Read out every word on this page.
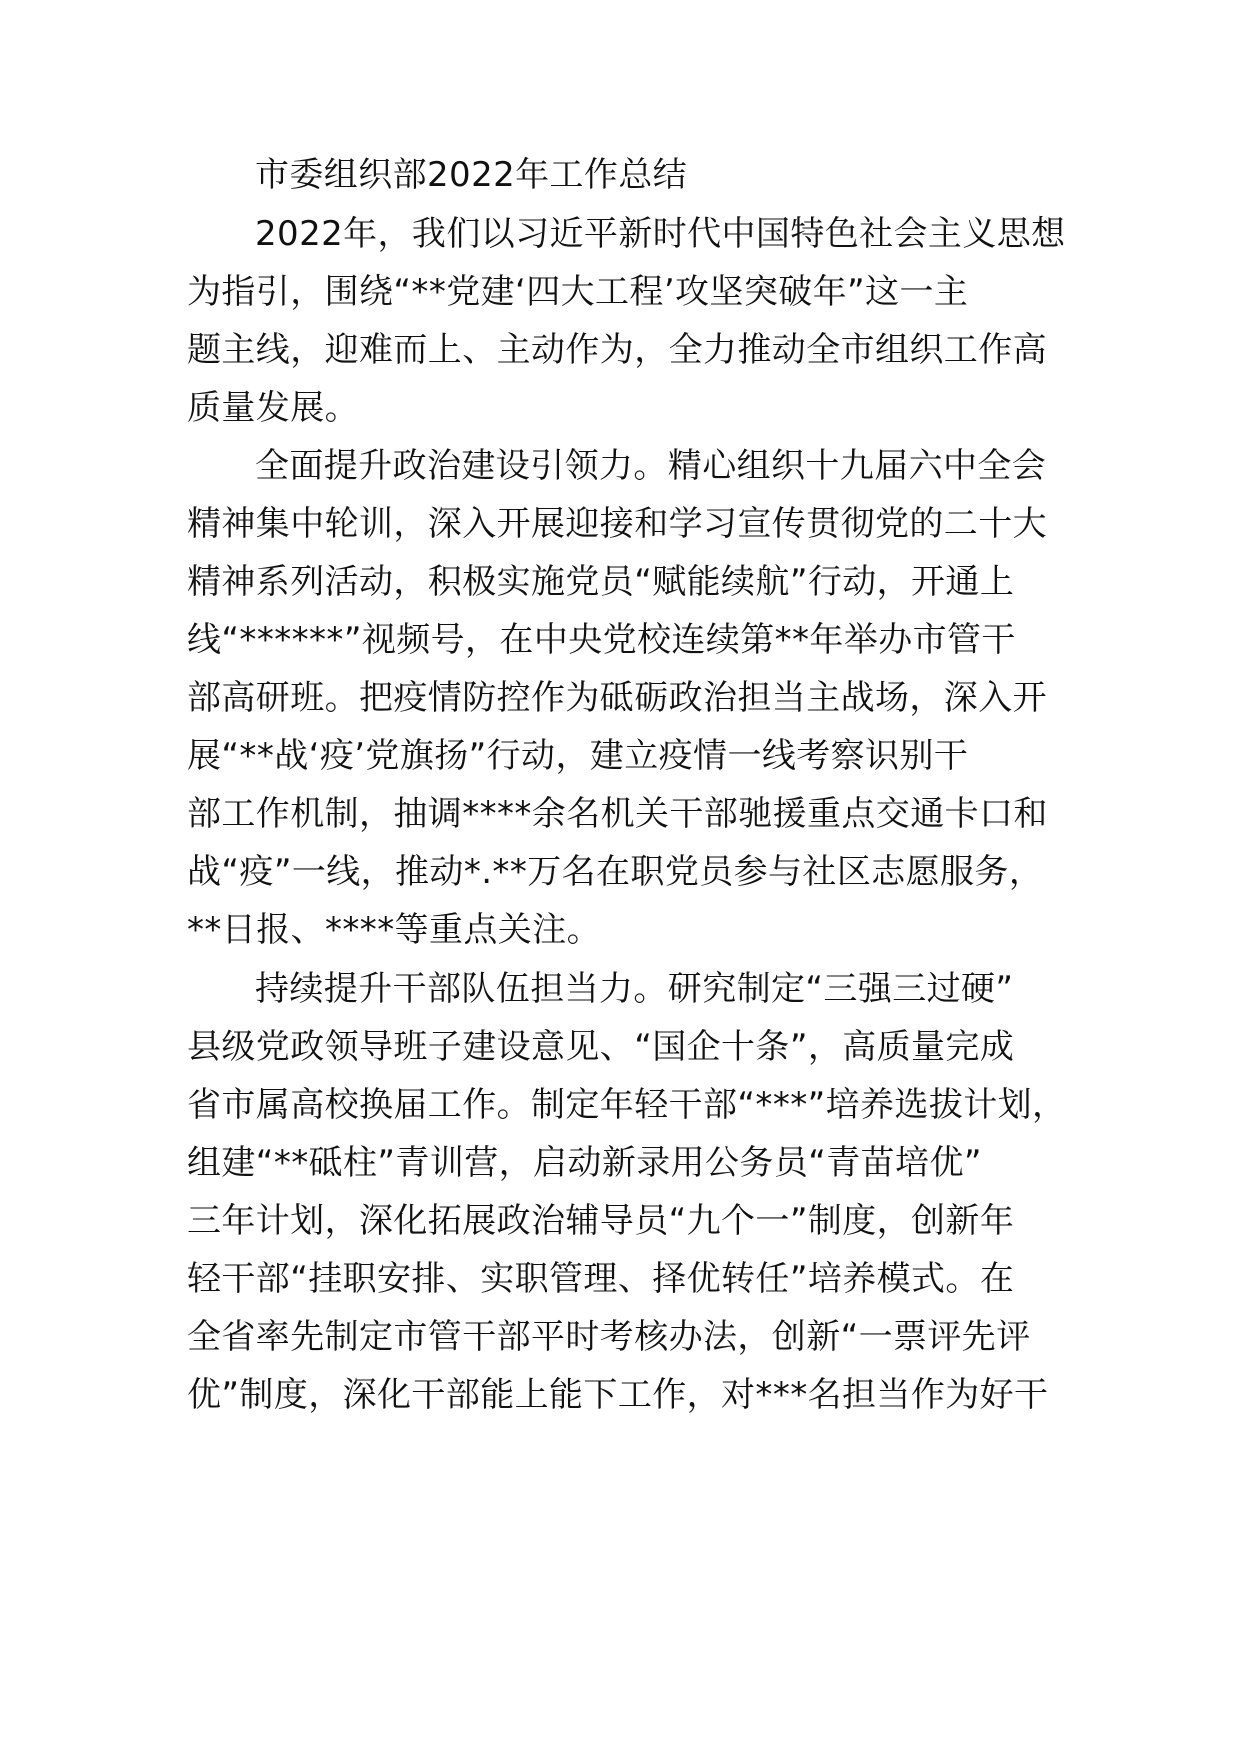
市委组织部2022年工作总结

2022年，我们以习近平新时代中国特色社会主义思想

为指引，围绕“**党建‘四大工程’攻坚突破年”这一主

题主线，迎难而上、主动作为，全力推动全市组织工作高

质量发展。

全面提升政治建设引领力。精心组织十九届六中全会

精神集中轮训，深入开展迎接和学习宣传贯彻党的二十大

精神系列活动，积极实施党员“赋能续航”行动，开通上

线“******”视频号，在中央党校连续第**年举办市管干

部高研班。把疫情防控作为砥砺政治担当主战场，深入开

展“**战‘疫’党旗扬”行动，建立疫情一线考察识别干

部工作机制，抽调****余名机关干部驰援重点交通卡口和

战“疫”一线，推动*.**万名在职党员参与社区志愿服务，

**日报、****等重点关注。

持续提升干部队伍担当力。研究制定“三强三过硬”

县级党政领导班子建设意见、“国企十条”，高质量完成

省市属高校换届工作。制定年轻干部“***”培养选拔计划，

组建“**砥柱”青训营，启动新录用公务员“青苗培优”

三年计划，深化拓展政治辅导员“九个一”制度，创新年

轻干部“挂职安排、实职管理、择优转任”培养模式。在

全省率先制定市管干部平时考核办法，创新“一票评先评

优”制度，深化干部能上能下工作，对***名担当作为好干
